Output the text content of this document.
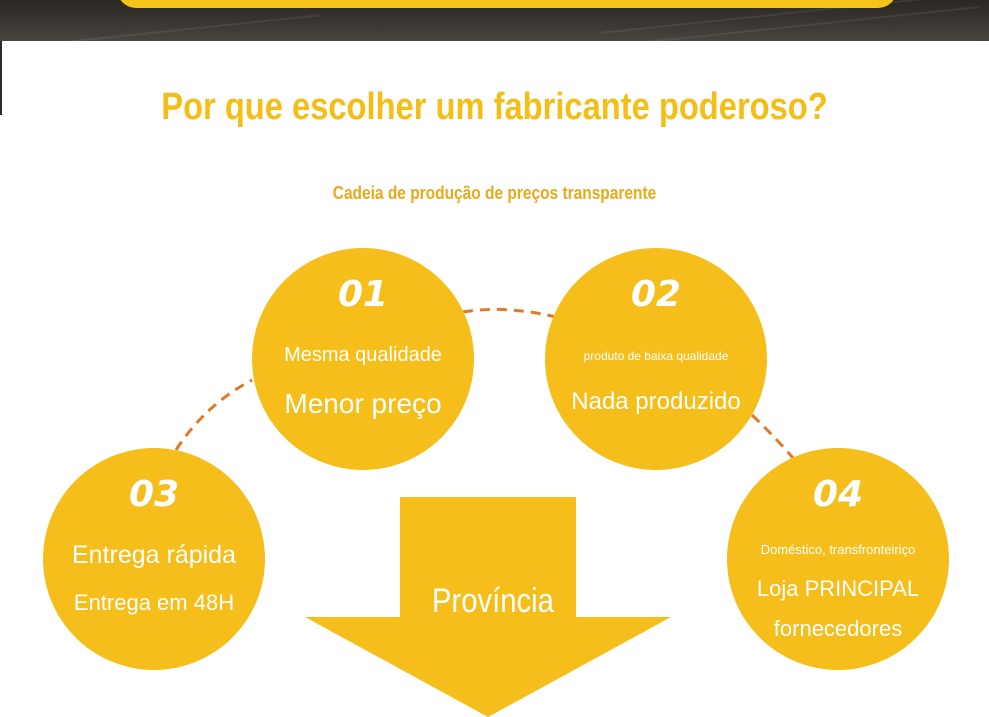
Por que escolher um fabricante poderoso?
Cadeia de produção de preços transparente
01
Mesma qualidade
Menor preço
02
produto de baixa qualidade
Nada produzido
03
Entrega rápida
Entrega em 48H
04
Doméstico, transfronteiriço
Loja PRINCIPAL
fornecedores
Província
